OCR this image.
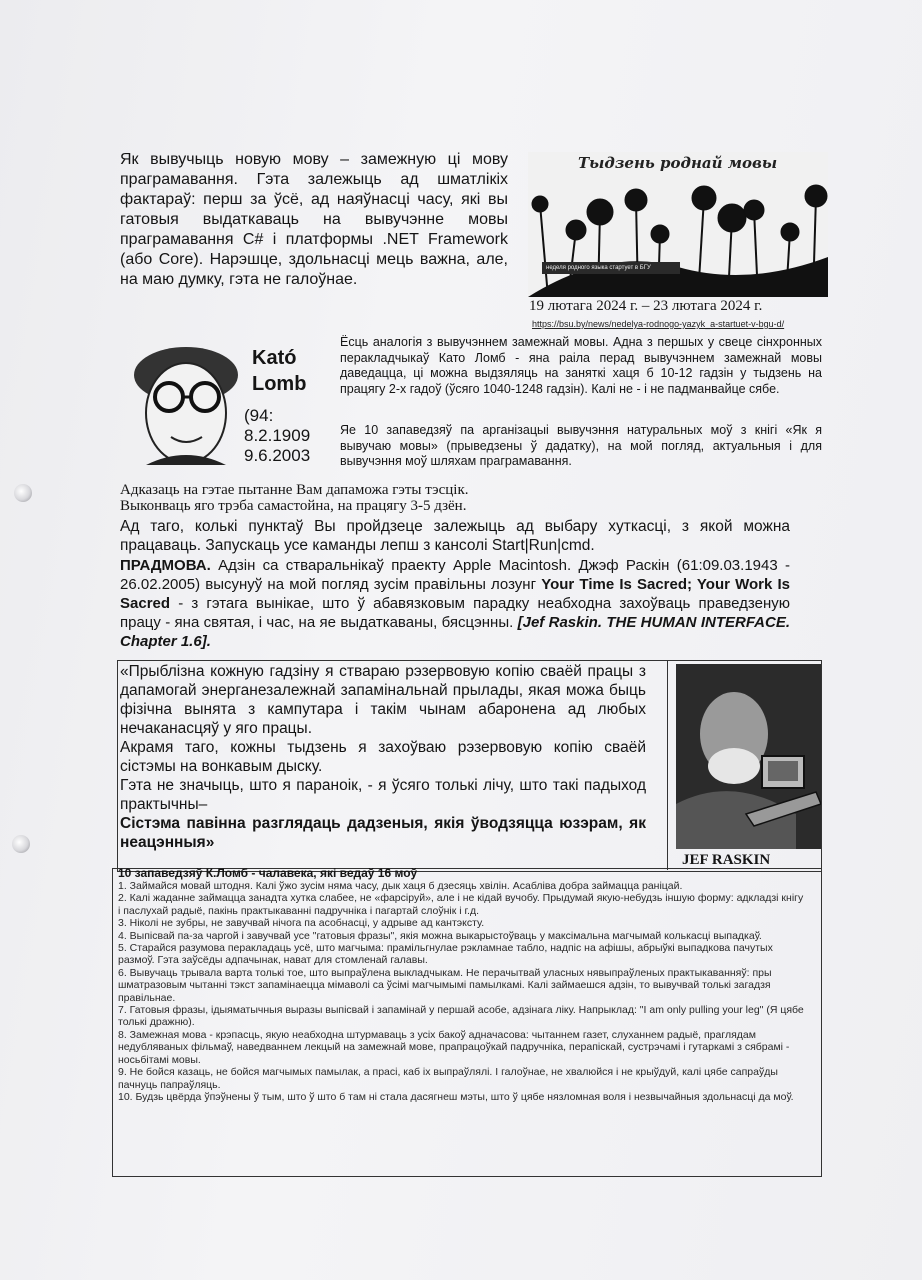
Як вывучыць новую мову – замежную ці мову праграмавання. Гэта залежыць ад шматлікіх фактараў: перш за ўсё, ад наяўнасці часу, які вы гатовыя выдаткаваць на вывучэнне мовы праграмавання C# і платформы .NET Framework (або Core). Нарэшце, здольнасці мець важна, але, на маю думку, гэта не галоўнае.
Тыдзень роднай мовы
неделя родного языка стартует в БГУ
19 лютага 2024 г. – 23 лютага 2024 г.
https://bsu.by/news/nedelya-rodnogo-yazyk_a-startuet-v-bgu-d/
Kató
Lomb
(94:
8.2.1909
9.6.2003
Ёсць аналогія з вывучэннем замежнай мовы. Адна з першых у свеце сінхронных перакладчыкаў Като Ломб - яна раіла перад вывучэннем замежнай мовы даведацца, ці можна выдзяляць на заняткі хаця б 10-12 гадзін у тыдзень на працягу 2-х гадоў (ўсяго 1040-1248 гадзін). Калі не - і не падманвайце сябе.
Яе 10 запаведзяў па арганізацыі вывучэння натуральных моў з кнігі «Як я вывучаю мовы» (прыведзены ў дадатку), на мой погляд, актуальныя і для вывучэння моў шляхам праграмавання.
Адказаць на гэтае пытанне Вам дапаможа гэты тэсцік.
Выконваць яго трэба самастойна, на працягу 3-5 дзён.
Ад таго, колькі пунктаў Вы пройдзеце залежыць ад выбару хуткасці, з якой можна працаваць. Запускаць усе каманды лепш з кансолі Start|Run|cmd.
ПРАДМОВА. Адзін са стваральнікаў праекту Apple Macintosh. Джэф Раскін (61:09.03.1943 - 26.02.2005) высунуў на мой погляд зусім правільны лозунг Your Time Is Sacred; Your Work Is Sacred - з гэтага вынікае, што ў абавязковым парадку неабходна захоўваць праведзеную працу - яна святая, і час, на яе выдаткаваны, бясцэнны. [Jef Raskin. THE HUMAN INTERFACE. Chapter 1.6].

«Прыблізна кожную гадзіну я ствараю рэзервовую копію сваёй працы з дапамогай энерганезалежнай запамінальнай прылады, якая можа быць фізічна вынята з кампутара і такім чынам абаронена ад любых нечаканасцяў у яго працы.

Акрамя таго, кожны тыдзень я захоўваю рэзервовую копію сваёй сістэмы на вонкавым дыску.

Гэта не значыць, што я параноік, - я ўсяго толькі лічу, што такі падыход практычны–

Сістэма павінна разглядаць дадзеныя, якія ўводзяцца юзэрам, як неацэнныя»

JEF RASKIN
10 запаведзяў К.Ломб - чалавека, які ведаў 16 моў
1. Займайся мовай штодня. Калі ўжо зусім няма часу, дык хаця б дзесяць хвілін. Асабліва добра займацца раніцай.
2. Калі жаданне займацца занадта хутка слабее, не «фарсіруй», але і не кідай вучобу. Прыдумай якую-небудзь іншую форму: адкладзі кнігу і паслухай радыё, пакінь практыкаванні падручніка і пагартай слоўнік і г.д.
3. Ніколі не зубры, не завучвай нічога па асобнасці, у адрыве ад кантэксту.
4. Выпісвай па-за чаргой і завучвай усе "гатовыя фразы", якія можна выкарыстоўваць у максімальна магчымай колькасці выпадкаў.
5. Старайся разумова перакладаць усё, што магчыма: прамільгнулае рэкламнае табло, надпіс на афішы, абрыўкі выпадкова пачутых размоў. Гэта заўсёды адпачынак, нават для стомленай галавы.
6. Вывучаць трывала варта толькі тое, што выпраўлена выкладчыкам. Не перачытвай уласных нявыпраўленых практыкаванняў: пры шматразовым чытанні тэкст запамінаецца мімаволі са ўсімі магчымымі памылкамі. Калі займаешся адзін, то вывучвай толькі загадзя правільнае.
7. Гатовыя фразы, ідыяматычныя выразы выпісвай і запамінай у першай асобе, адзінага ліку. Напрыклад: "I am only pulling your leg" (Я цябе толькі дражню).
8. Замежная мова - крэпасць, якую неабходна штурмаваць з усіх бакоў адначасова: чытаннем газет, слуханнем радыё, праглядам недубляваных фільмаў, наведваннем лекцый на замежнай мове, прапрацоўкай падручніка, перапіскай, сустрэчамі і гутаркамі з сябрамі - носьбітамі мовы.
9. Не бойся казаць, не бойся магчымых памылак, а прасі, каб іх выпраўлялі. І галоўнае, не хвалюйся і не крыўдуй, калі цябе сапраўды пачнуць папраўляць.
10. Будзь цвёрда ўпэўнены ў тым, што ў што б там ні стала дасягнеш мэты, што ў цябе нязломная воля і незвычайныя здольнасці да моў.
